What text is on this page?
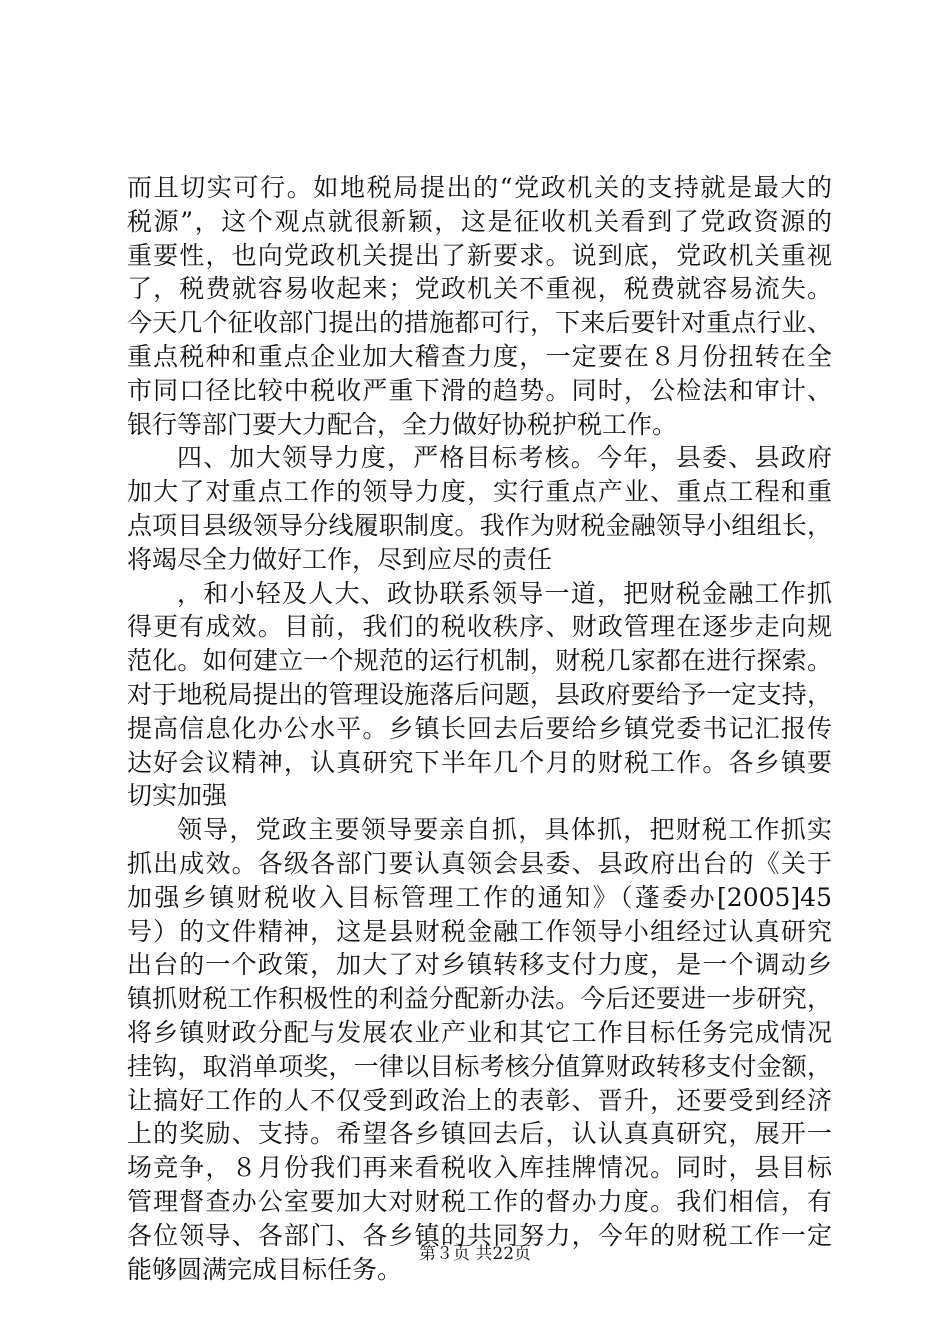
而且切实可行。如地税局提出的“党政机关的支持就是最大的
税源”，这个观点就很新颖，这是征收机关看到了党政资源的
重要性，也向党政机关提出了新要求。说到底，党政机关重视
了，税费就容易收起来；党政机关不重视，税费就容易流失。
今天几个征收部门提出的措施都可行，下来后要针对重点行业、
重点税种和重点企业加大稽查力度，一定要在８月份扭转在全
市同口径比较中税收严重下滑的趋势。同时，公检法和审计、
银行等部门要大力配合，全力做好协税护税工作。
四、加大领导力度，严格目标考核。今年，县委、县政府
加大了对重点工作的领导力度，实行重点产业、重点工程和重
点项目县级领导分线履职制度。我作为财税金融领导小组组长，
将竭尽全力做好工作，尽到应尽的责任
，和小轻及人大、政协联系领导一道，把财税金融工作抓
得更有成效。目前，我们的税收秩序、财政管理在逐步走向规
范化。如何建立一个规范的运行机制，财税几家都在进行探索。
对于地税局提出的管理设施落后问题，县政府要给予一定支持，
提高信息化办公水平。乡镇长回去后要给乡镇党委书记汇报传
达好会议精神，认真研究下半年几个月的财税工作。各乡镇要
切实加强
领导，党政主要领导要亲自抓，具体抓，把财税工作抓实
抓出成效。各级各部门要认真领会县委、县政府出台的《关于
加强乡镇财税收入目标管理工作的通知》（蓬委办[2005]45
号）的文件精神，这是县财税金融工作领导小组经过认真研究
出台的一个政策，加大了对乡镇转移支付力度，是一个调动乡
镇抓财税工作积极性的利益分配新办法。今后还要进一步研究，
将乡镇财政分配与发展农业产业和其它工作目标任务完成情况
挂钩，取消单项奖，一律以目标考核分值算财政转移支付金额，
让搞好工作的人不仅受到政治上的表彰、晋升，还要受到经济
上的奖励、支持。希望各乡镇回去后，认认真真研究，展开一
场竞争，８月份我们再来看税收入库挂牌情况。同时，县目标
管理督查办公室要加大对财税工作的督办力度。我们相信，有
各位领导、各部门、各乡镇的共同努力，今年的财税工作一定
能够圆满完成目标任务。
第３页 共22页
